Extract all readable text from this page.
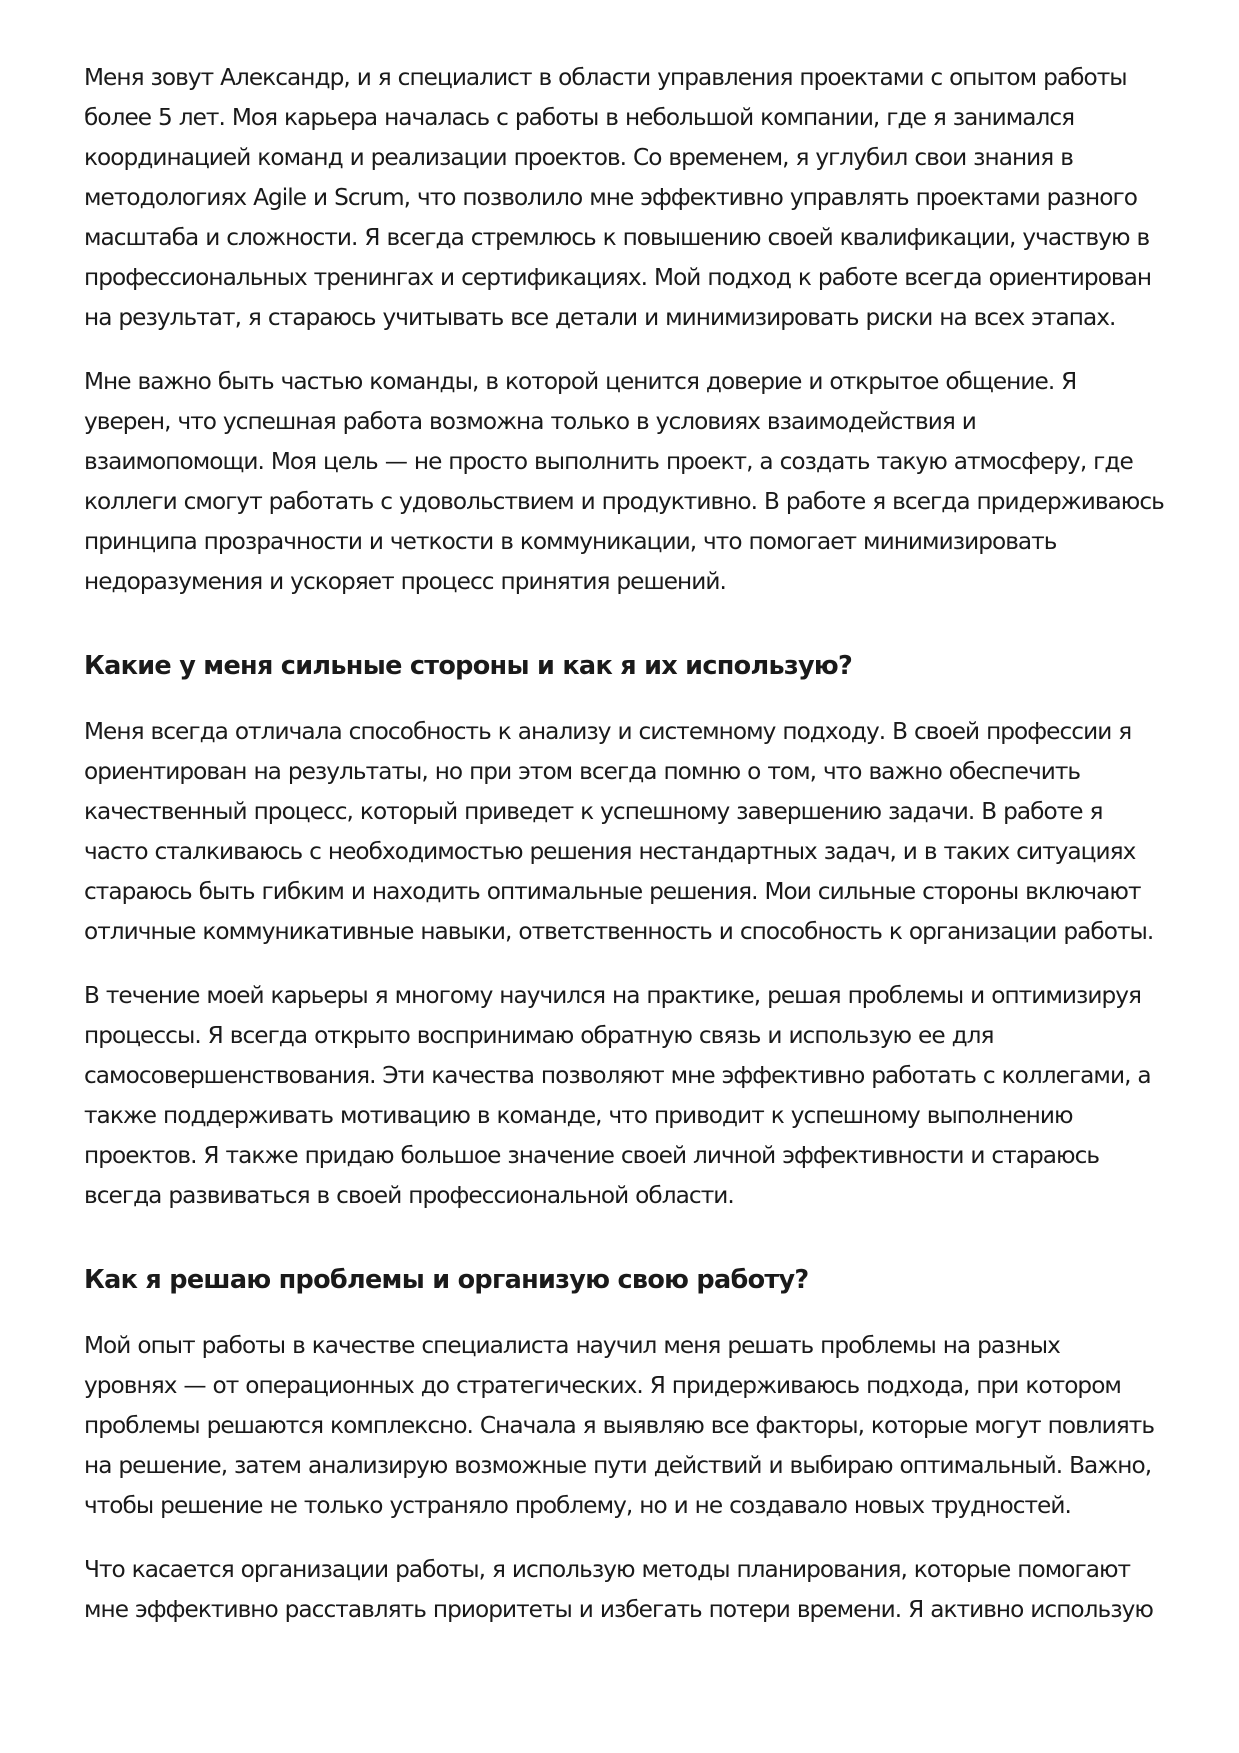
Меня зовут Александр, и я специалист в области управления проектами с опытом работы
более 5 лет. Моя карьера началась с работы в небольшой компании, где я занимался
координацией команд и реализации проектов. Со временем, я углубил свои знания в
методологиях Agile и Scrum, что позволило мне эффективно управлять проектами разного
масштаба и сложности. Я всегда стремлюсь к повышению своей квалификации, участвую в
профессиональных тренингах и сертификациях. Мой подход к работе всегда ориентирован
на результат, я стараюсь учитывать все детали и минимизировать риски на всех этапах.

Мне важно быть частью команды, в которой ценится доверие и открытое общение. Я
уверен, что успешная работа возможна только в условиях взаимодействия и
взаимопомощи. Моя цель — не просто выполнить проект, а создать такую атмосферу, где
коллеги смогут работать с удовольствием и продуктивно. В работе я всегда придерживаюсь
принципа прозрачности и четкости в коммуникации, что помогает минимизировать
недоразумения и ускоряет процесс принятия решений.

Какие у меня сильные стороны и как я их использую?

Меня всегда отличала способность к анализу и системному подходу. В своей профессии я
ориентирован на результаты, но при этом всегда помню о том, что важно обеспечить
качественный процесс, который приведет к успешному завершению задачи. В работе я
часто сталкиваюсь с необходимостью решения нестандартных задач, и в таких ситуациях
стараюсь быть гибким и находить оптимальные решения. Мои сильные стороны включают
отличные коммуникативные навыки, ответственность и способность к организации работы.

В течение моей карьеры я многому научился на практике, решая проблемы и оптимизируя
процессы. Я всегда открыто воспринимаю обратную связь и использую ее для
самосовершенствования. Эти качества позволяют мне эффективно работать с коллегами, а
также поддерживать мотивацию в команде, что приводит к успешному выполнению
проектов. Я также придаю большое значение своей личной эффективности и стараюсь
всегда развиваться в своей профессиональной области.

Как я решаю проблемы и организую свою работу?

Мой опыт работы в качестве специалиста научил меня решать проблемы на разных
уровнях — от операционных до стратегических. Я придерживаюсь подхода, при котором
проблемы решаются комплексно. Сначала я выявляю все факторы, которые могут повлиять
на решение, затем анализирую возможные пути действий и выбираю оптимальный. Важно,
чтобы решение не только устраняло проблему, но и не создавало новых трудностей.

Что касается организации работы, я использую методы планирования, которые помогают
мне эффективно расставлять приоритеты и избегать потери времени. Я активно использую
